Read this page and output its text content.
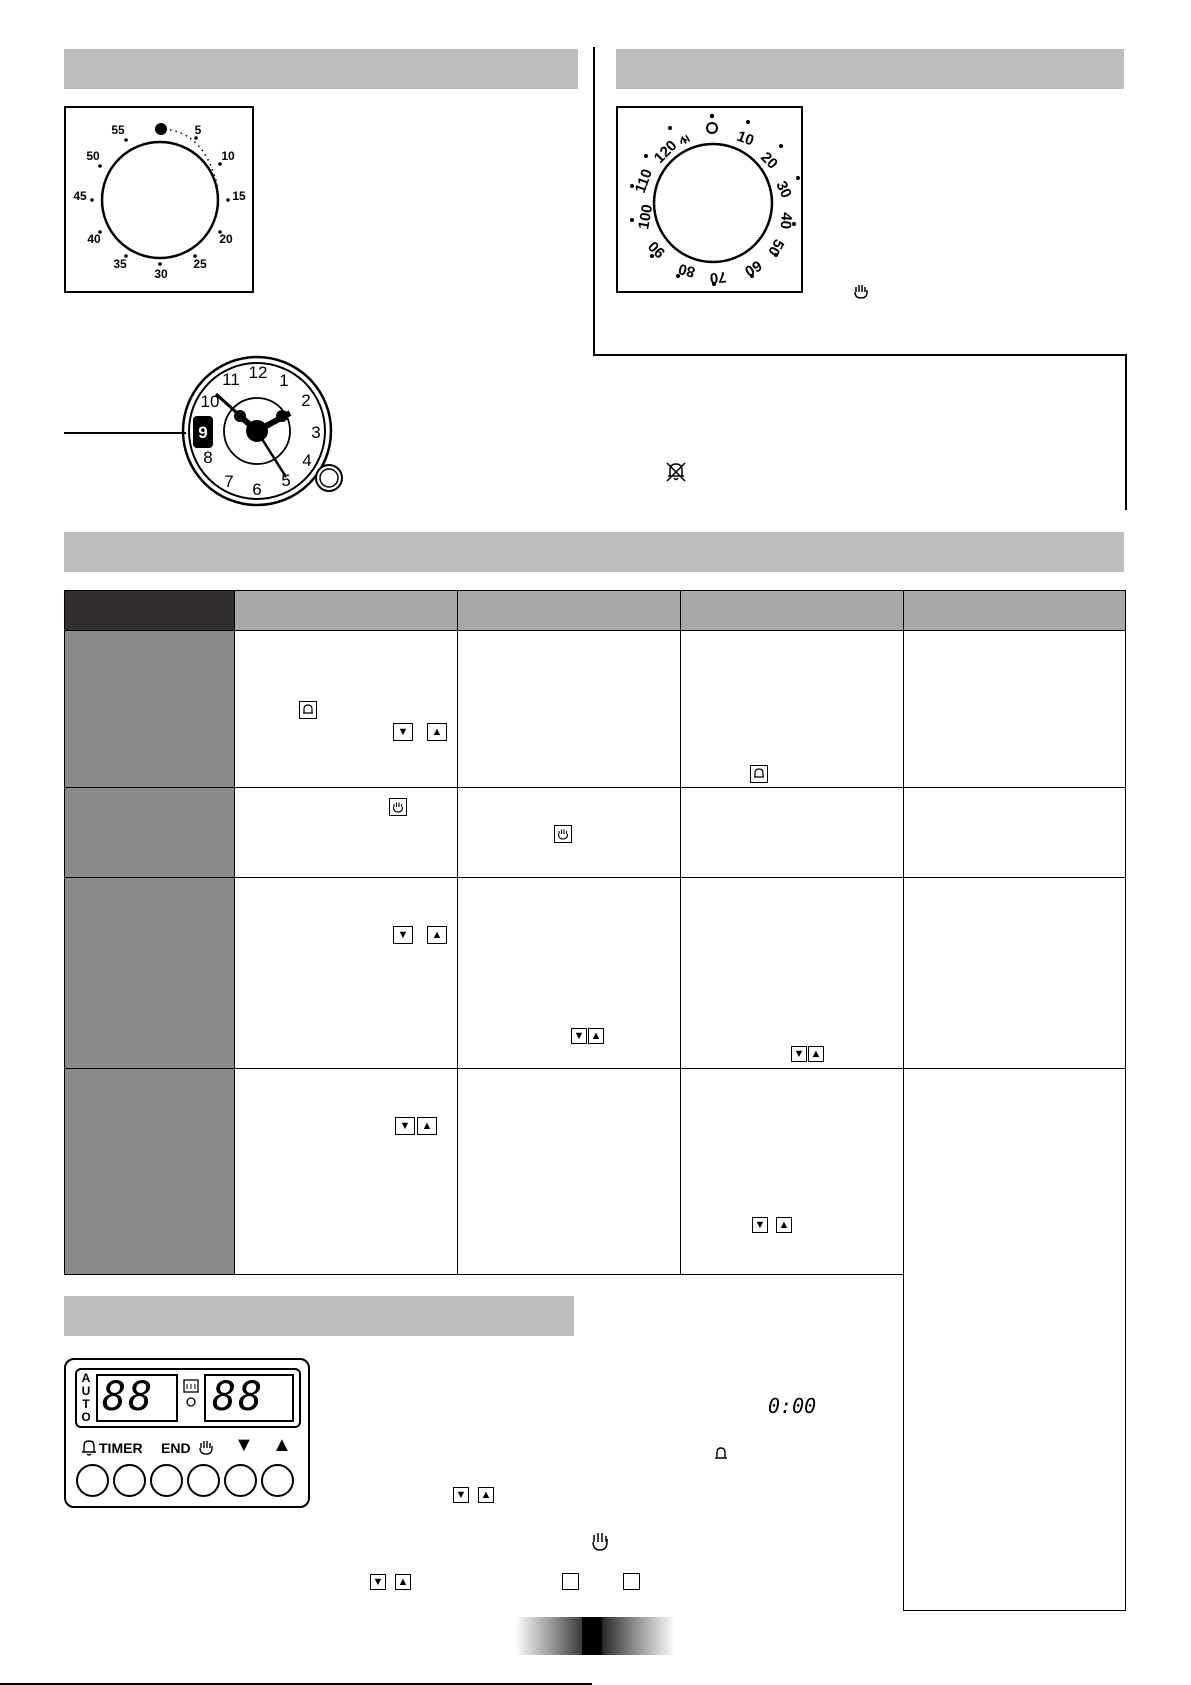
55	5
50	10
45	15
40	20
35	25
30
10
20
30
40
50
60
70
80
90
100
110
120
12 1
2
3
4
5
6
7
8
9
10
11

▼ ▲

▼ ▲	▼ ▲	▼ ▲	

▼ ▲		▼ ▲	

A
U
T
O 88 88
TIMER END ▼ ▲
0:00
▼ ▲
▼ ▲
